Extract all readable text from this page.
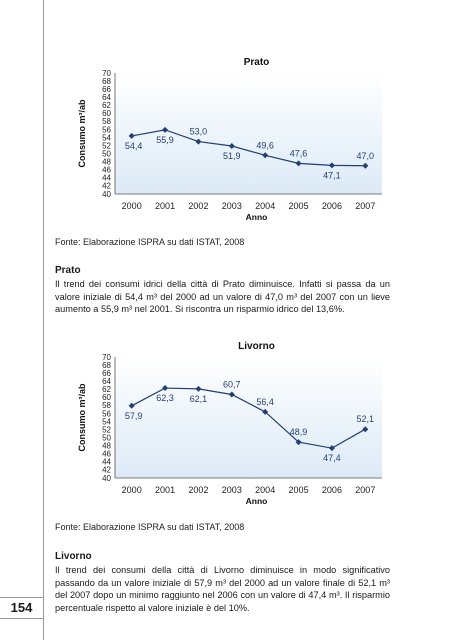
154
40
42
44
46
48
50
52
54
56
58
60
62
64
66
68
70
2000 2001 2002 2003 2004 2005 2006 2007
Prato
Anno
Consumo m³/ab	54,4
55,9
53,0
51,9
49,6
47,6
47,1
47,0
Fonte: Elaborazione ISPRA su dati ISTAT, 2008
Prato
Il trend dei consumi idrici della città di Prato diminuisce. Infatti si passa da un valore iniziale di 54,4 m³ del 2000 ad un valore di 47,0 m³ del 2007 con un lieve aumento a 55,9 m³ nel 2001. Si riscontra un risparmio idrico del 13,6%.
40
42
44
46
48
50
52
54
56
58
60
62
64
66
68
70
2000 2001 2002 2003 2004 2005 2006 2007
Livorno
Anno
Consumo m³/ab	57,9
62,3 62,1
60,7
56,4
48,9
47,4
52,1
Fonte: Elaborazione ISPRA su dati ISTAT, 2008
Livorno
Il trend dei consumi della città di Livorno diminuisce in modo significativo passando da un valore iniziale di 57,9 m³ del 2000 ad un valore finale di 52,1 m³ del 2007 dopo un minimo raggiunto nel 2006 con un valore di 47,4 m³. Il risparmio percentuale rispetto al valore iniziale è del 10%.
